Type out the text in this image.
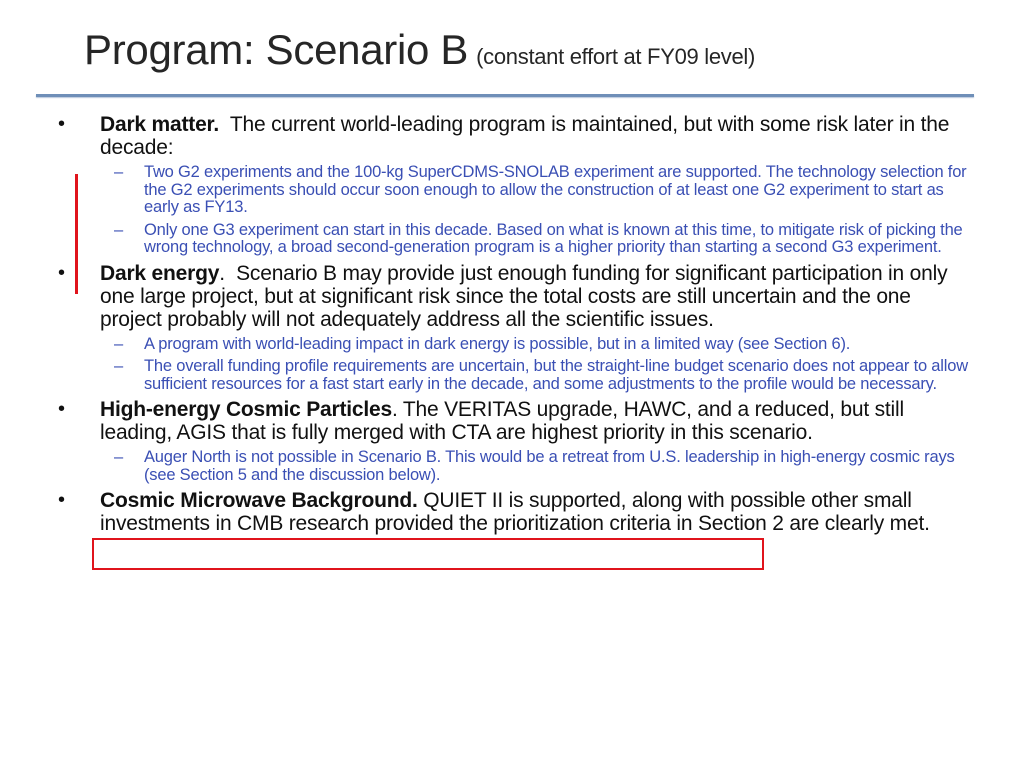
Program: Scenario B (constant effort at FY09 level)
• Dark matter.  The current world-leading program is maintained, but with some risk later in the decade:
– Two G2 experiments and the 100-kg SuperCDMS-SNOLAB experiment are supported. The technology selection for the G2 experiments should occur soon enough to allow the construction of at least one G2 experiment to start as early as FY13.
– Only one G3 experiment can start in this decade. Based on what is known at this time, to mitigate risk of picking the wrong technology, a broad second-generation program is a higher priority than starting a second G3 experiment.
• Dark energy.  Scenario B may provide just enough funding for significant participation in only one large project, but at significant risk since the total costs are still uncertain and the one project probably will not adequately address all the scientific issues.
– A program with world-leading impact in dark energy is possible, but in a limited way (see Section 6).
– The overall funding profile requirements are uncertain, but the straight-line budget scenario does not appear to allow sufficient resources for a fast start early in the decade, and some adjustments to the profile would be necessary.
• High-energy Cosmic Particles. The VERITAS upgrade, HAWC, and a reduced, but still leading, AGIS that is fully merged with CTA are highest priority in this scenario.
– Auger North is not possible in Scenario B. This would be a retreat from U.S. leadership in high-energy cosmic rays (see Section 5 and the discussion below).
• Cosmic Microwave Background. QUIET II is supported, along with possible other small investments in CMB research provided the prioritization criteria in Section 2 are clearly met.
